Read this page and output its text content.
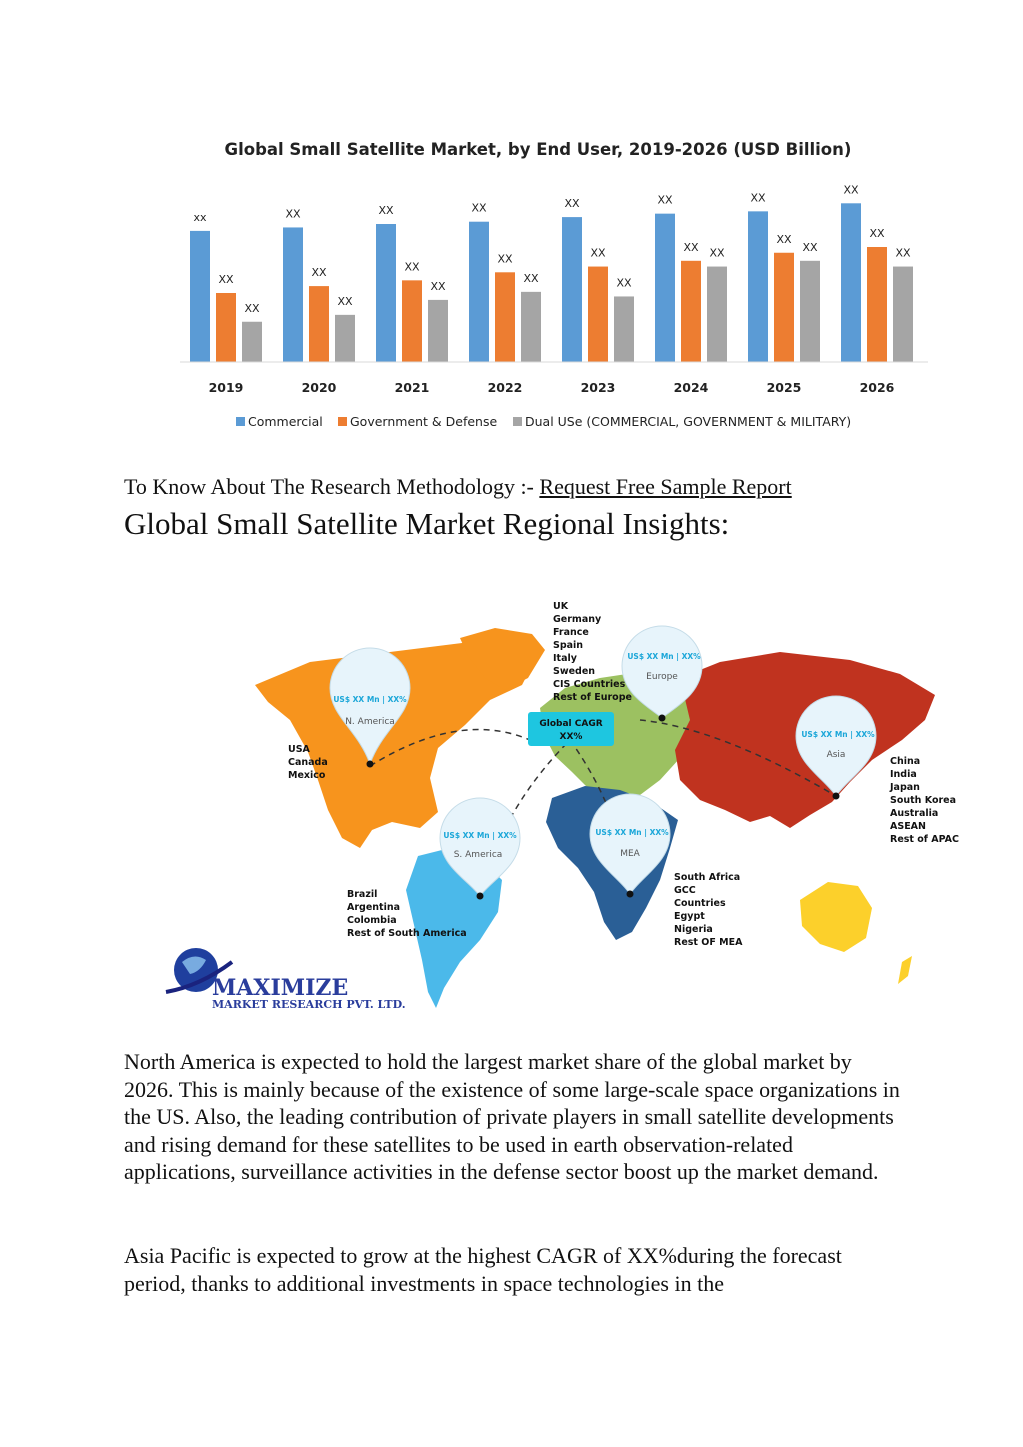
Global Small Satellite Market, by End User, 2019-2026 (USD Billion)
xx
XX
XX
XX
XX
XX
XX
XX
XX
XX
XX
XX
XX
XX
XX
XX
XX XX
XX
XX
XX
XX
XX
XX
2019	2020	2021	2022	2023	2024	2025	2026
Commercial Government & Defense Dual USe (COMMERCIAL, GOVERNMENT & MILITARY)
To Know About The Research Methodology :- Request Free Sample Report
Global Small Satellite Market Regional Insights:
Global CAGR
XX%
US$ XX Mn | XX%
N. America
US$ XX Mn | XX%
Europe
US$ XX Mn | XX%
Asia
US$ XX Mn | XX%
S. America
US$ XX Mn | XX%
MEA
USA
Canada
Mexico
UK
Germany
France
Spain
Italy
Sweden
CIS Countries
Rest of Europe
China
India
Japan
South Korea
Australia
ASEAN
Rest of APAC
Brazil
Argentina
Colombia
Rest of South America
South Africa
GCC
Countries
Egypt
Nigeria
Rest OF MEA
MAXIMIZE
MARKET RESEARCH PVT. LTD.

North America is expected to hold the largest market share of the global market by 2026. This is mainly because of the existence of some large-scale space organizations in the US. Also, the leading contribution of private players in small satellite developments and rising demand for these satellites to be used in earth observation-related applications, surveillance activities in the defense sector boost up the market demand.

Asia Pacific is expected to grow at the highest CAGR of XX%during the forecast period, thanks to additional investments in space technologies in the
